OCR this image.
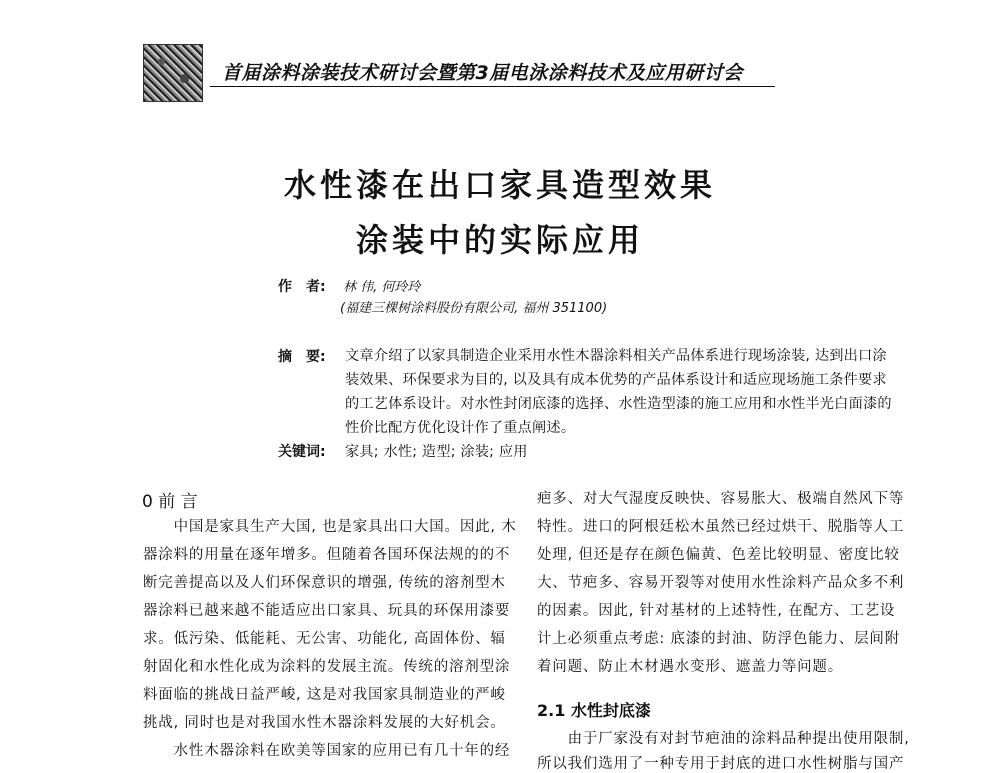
首届涂料涂装技术研讨会暨第3届电泳涂料技术及应用研讨会
水性漆在出口家具造型效果
涂装中的实际应用
作　者: 林 伟, 何玲玲
(福建三棵树涂料股份有限公司, 福州 351100)
摘　要: 文章介绍了以家具制造企业采用水性木器涂料相关产品体系进行现场涂装, 达到出口涂
装效果、环保要求为目的, 以及具有成本优势的产品体系设计和适应现场施工条件要求
的工艺体系设计。对水性封闭底漆的选择、水性造型漆的施工应用和水性半光白面漆的
性价比配方优化设计作了重点阐述。
关键词: 家具; 水性; 造型; 涂装; 应用
0 前 言
　　中国是家具生产大国, 也是家具出口大国。因此, 木
器涂料的用量在逐年增多。但随着各国环保法规的的不
断完善提高以及人们环保意识的增强, 传统的溶剂型木
器涂料已越来越不能适应出口家具、玩具的环保用漆要
求。低污染、低能耗、无公害、功能化, 高固体份、辐
射固化和水性化成为涂料的发展主流。传统的溶剂型涂
料面临的挑战日益严峻, 这是对我国家具制造业的严峻
挑战, 同时也是对我国水性木器涂料发展的大好机会。
　　水性木器涂料在欧美等国家的应用已有几十年的经
疤多、对大气湿度反映快、容易胀大、极端自然风下等
特性。进口的阿根廷松木虽然已经过烘干、脱脂等人工
处理, 但还是存在颜色偏黄、色差比较明显、密度比较
大、节疤多、容易开裂等对使用水性涂料产品众多不利
的因素。因此, 针对基材的上述特性, 在配方、工艺设
计上必须重点考虑: 底漆的封油、防浮色能力、层间附
着问题、防止木材遇水变形、遮盖力等问题。
2.1 水性封底漆
　　由于厂家没有对封节疤油的涂料品种提出使用限制,
所以我们选用了一种专用于封底的进口水性树脂与国产
